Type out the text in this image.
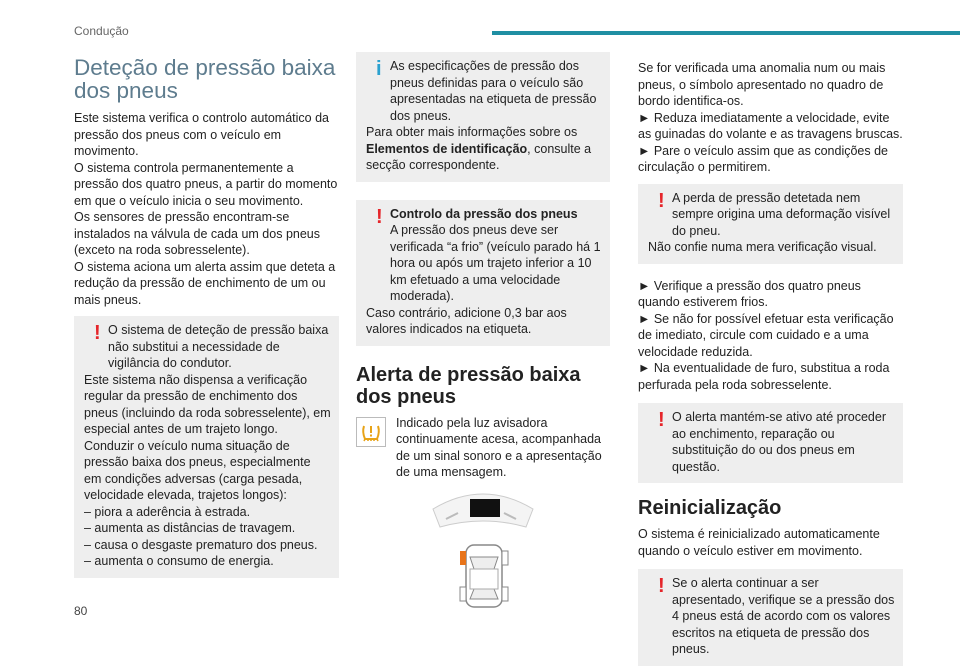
Condução
Deteção de pressão baixa dos pneus

Este sistema verifica o controlo automático da pressão dos pneus com o veículo em movimento.

O sistema controla permanentemente a pressão dos quatro pneus, a partir do momento em que o veículo inicia o seu movimento.

Os sensores de pressão encontram-se instalados na válvula de cada um dos pneus (exceto na roda sobresselente).

O sistema aciona um alerta assim que deteta a redução da pressão de enchimento de um ou mais pneus.

! O sistema de deteção de pressão baixa não substitui a necessidade de vigilância do condutor.

Este sistema não dispensa a verificação regular da pressão de enchimento dos pneus (incluindo da roda sobresselente), em especial antes de um trajeto longo.

Conduzir o veículo numa situação de pressão baixa dos pneus, especialmente em condições adversas (carga pesada, velocidade elevada, trajetos longos):

– piora a aderência à estrada.

– aumenta as distâncias de travagem.

– causa o desgaste prematuro dos pneus.

– aumenta o consumo de energia.

i As especificações de pressão dos pneus definidas para o veículo são apresentadas na etiqueta de pressão dos pneus.

Para obter mais informações sobre os Elementos de identificação, consulte a secção correspondente.

! Controlo da pressão dos pneus

A pressão dos pneus deve ser verificada “a frio” (veículo parado há 1 hora ou após um trajeto inferior a 10 km efetuado a uma velocidade moderada).

Caso contrário, adicione 0,3 bar aos valores indicados na etiqueta.

Alerta de pressão baixa dos pneus

Indicado pela luz avisadora continuamente acesa, acompanhada de um sinal sonoro e a apresentação de uma mensagem.

Se for verificada uma anomalia num ou mais pneus, o símbolo apresentado no quadro de bordo identifica-os.

► Reduza imediatamente a velocidade, evite as guinadas do volante e as travagens bruscas.

► Pare o veículo assim que as condições de circulação o permitirem.

! A perda de pressão detetada nem sempre origina uma deformação visível do pneu.

Não confie numa mera verificação visual.

► Verifique a pressão dos quatro pneus quando estiverem frios.

► Se não for possível efetuar esta verificação de imediato, circule com cuidado e a uma velocidade reduzida.

► Na eventualidade de furo, substitua a roda perfurada pela roda sobresselente.

! O alerta mantém-se ativo até proceder ao enchimento, reparação ou substituição do ou dos pneus em questão.

Reinicialização

O sistema é reinicializado automaticamente quando o veículo estiver em movimento.

! Se o alerta continuar a ser apresentado, verifique se a pressão dos 4 pneus está de acordo com os valores escritos na etiqueta de pressão dos pneus.

80
